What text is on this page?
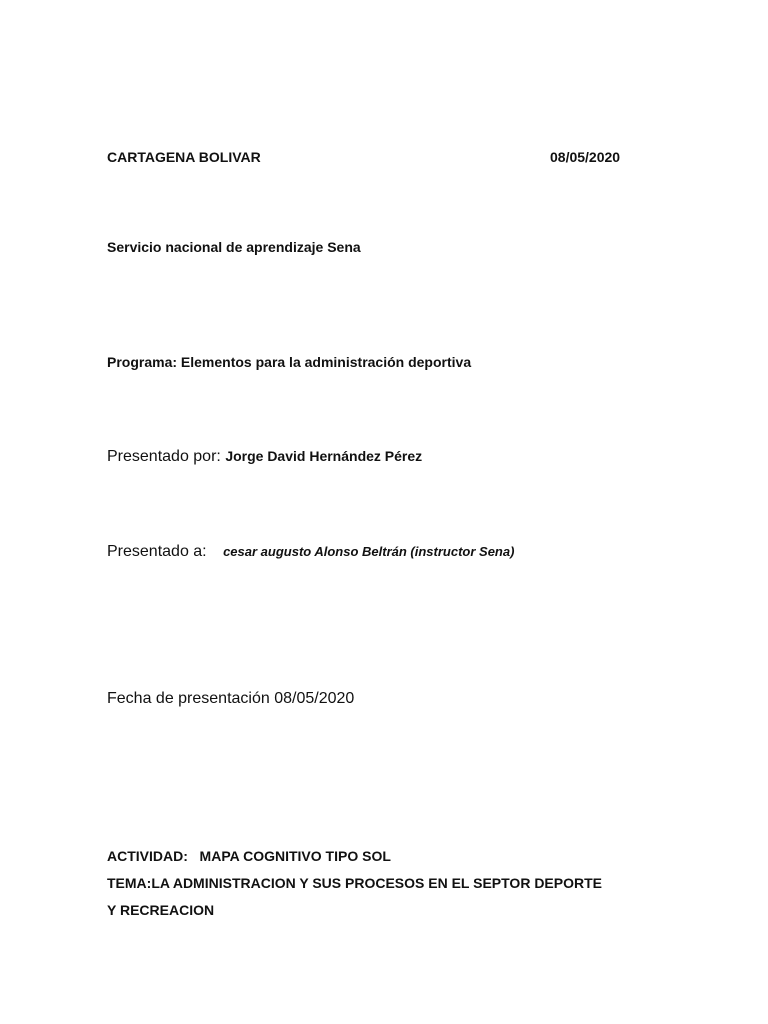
CARTAGENA BOLIVAR	08/05/2020
Servicio nacional de aprendizaje Sena
Programa: Elementos para la administración deportiva
Presentado por: Jorge David Hernández Pérez
Presentado a: cesar augusto Alonso Beltrán (instructor Sena)
Fecha de presentación 08/05/2020
ACTIVIDAD:   MAPA COGNITIVO TIPO SOL
TEMA:LA ADMINISTRACION Y SUS PROCESOS EN EL SEPTOR DEPORTE
Y RECREACION
